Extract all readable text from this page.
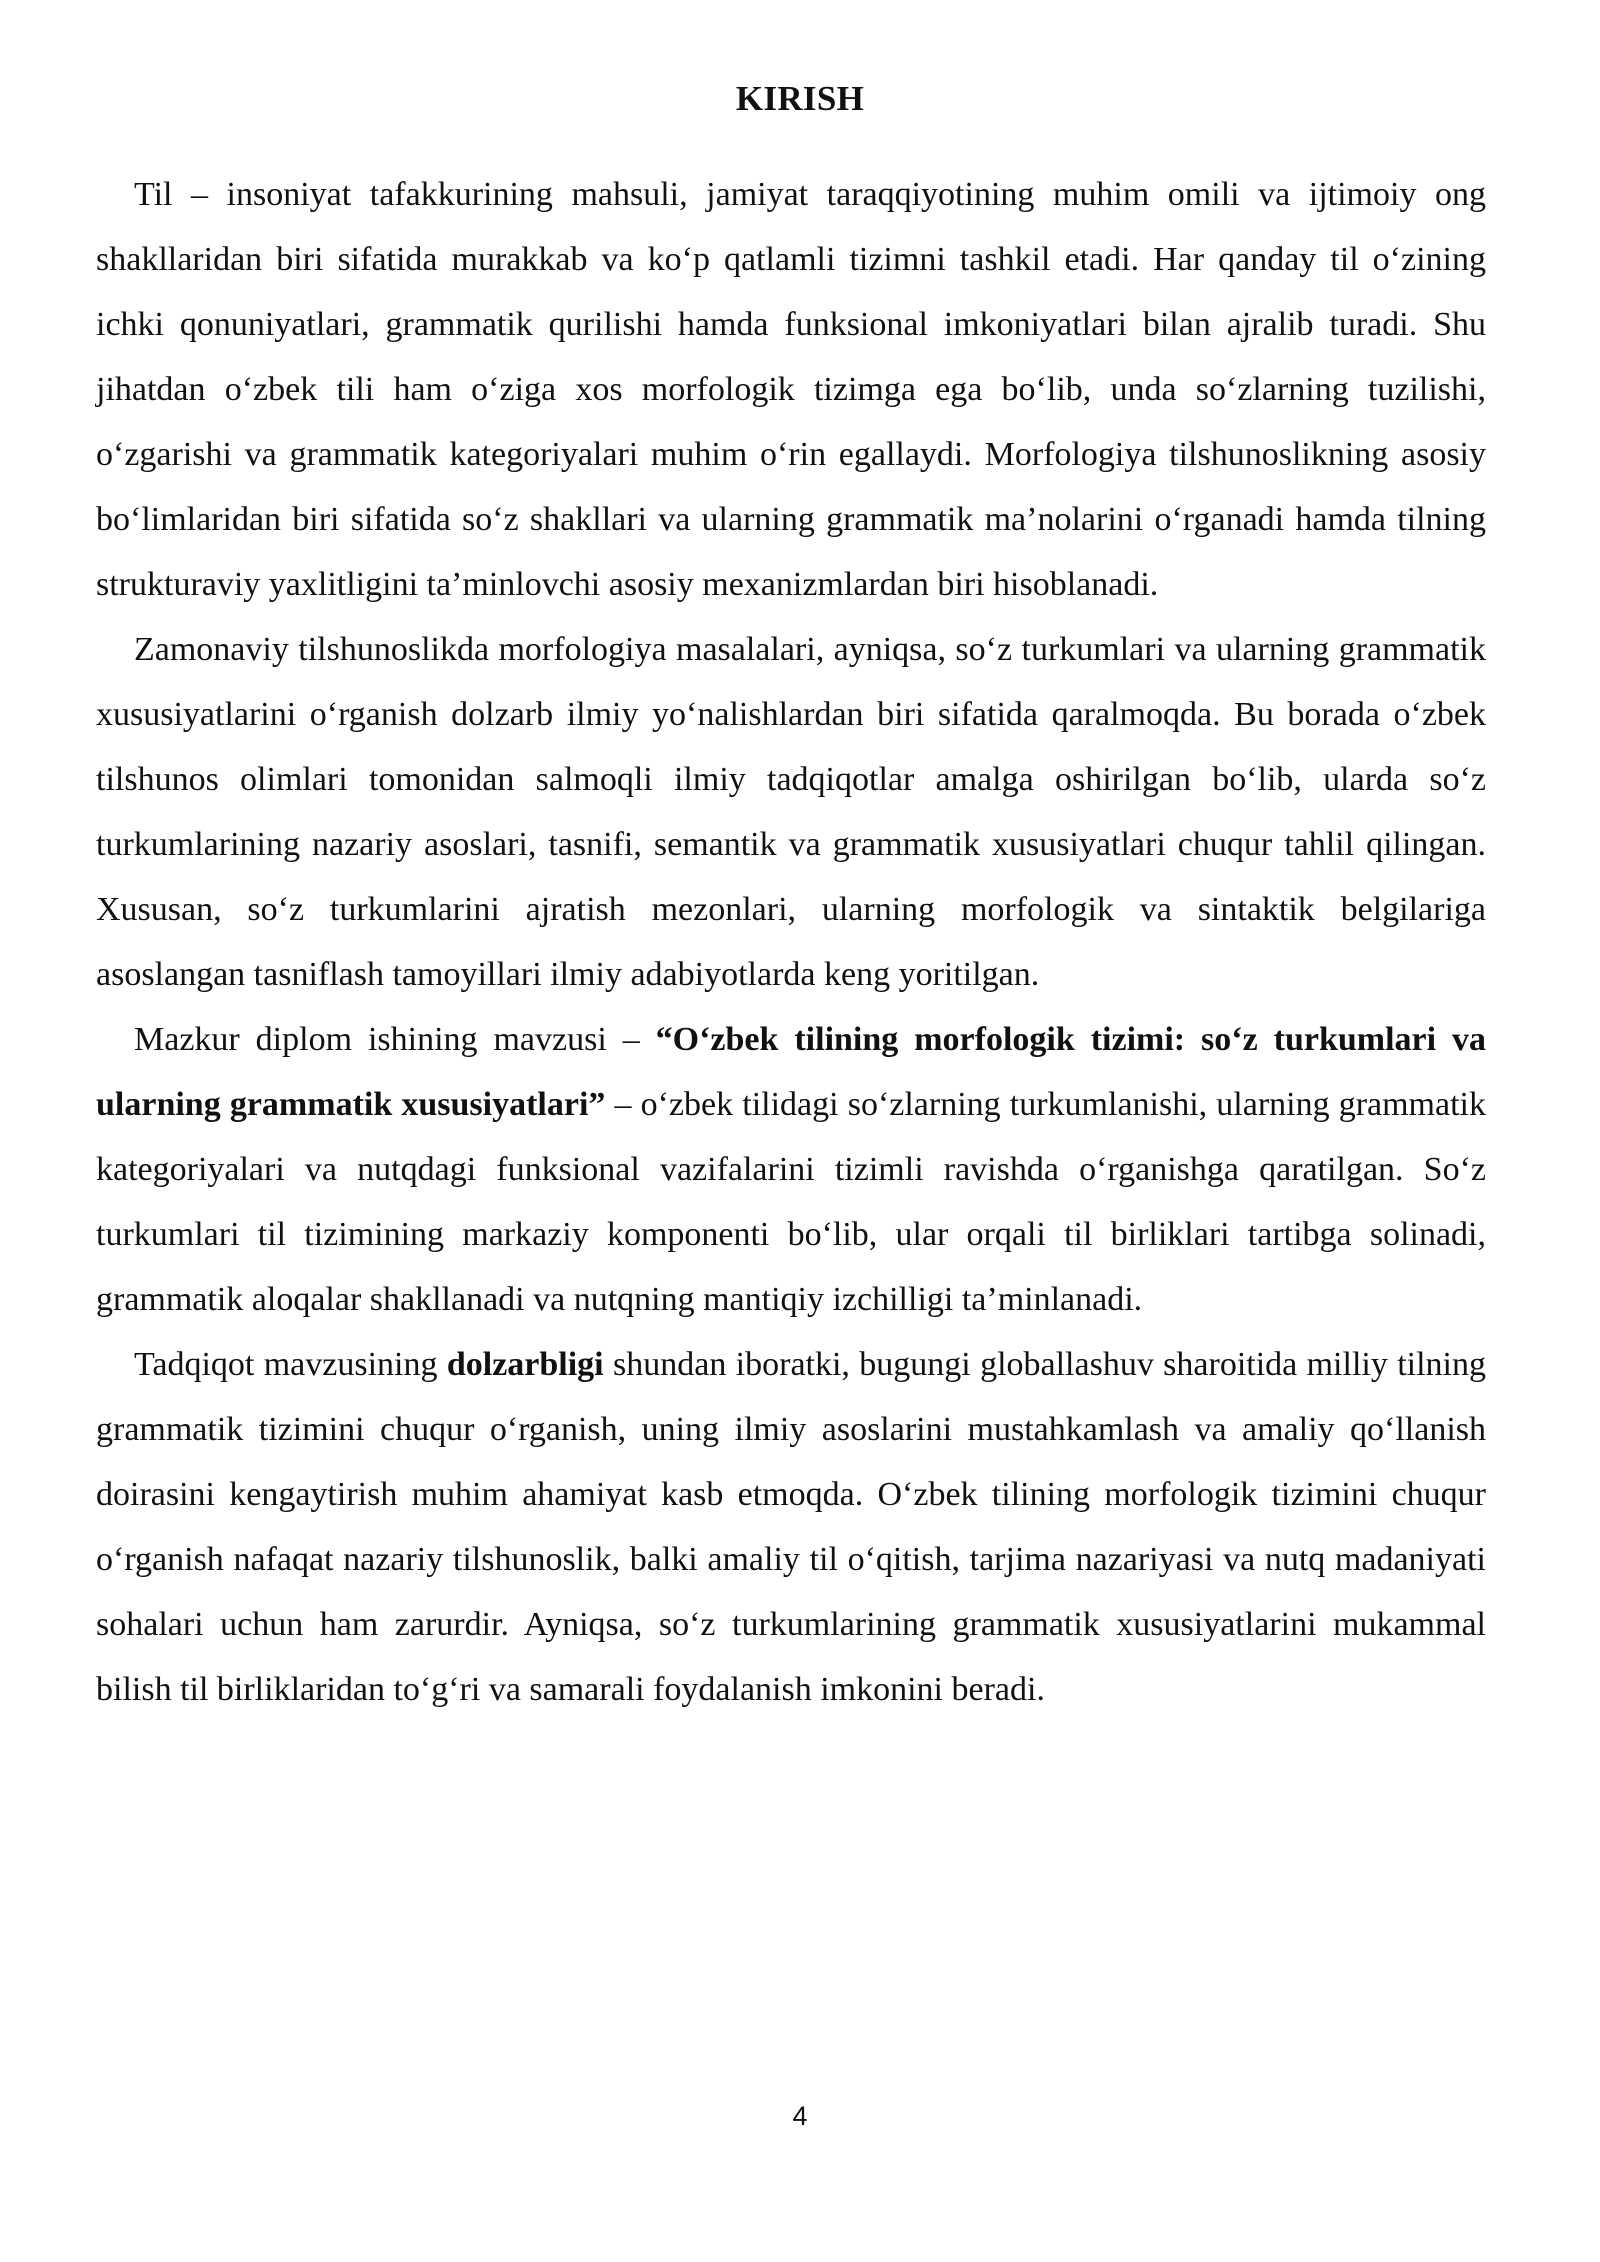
KIRISH

Til – insoniyat tafakkurining mahsuli, jamiyat taraqqiyotining muhim omili va ijtimoiy ong shakllaridan biri sifatida murakkab va ko‘p qatlamli tizimni tashkil etadi. Har qanday til o‘zining ichki qonuniyatlari, grammatik qurilishi hamda funksional imkoniyatlari bilan ajralib turadi. Shu jihatdan o‘zbek tili ham o‘ziga xos morfologik tizimga ega bo‘lib, unda so‘zlarning tuzilishi, o‘zgarishi va grammatik kategoriyalari muhim o‘rin egallaydi. Morfologiya tilshunoslikning asosiy bo‘limlaridan biri sifatida so‘z shakllari va ularning grammatik ma’nolarini o‘rganadi hamda tilning strukturaviy yaxlitligini ta’minlovchi asosiy mexanizmlardan biri hisoblanadi.

Zamonaviy tilshunoslikda morfologiya masalalari, ayniqsa, so‘z turkumlari va ularning grammatik xususiyatlarini o‘rganish dolzarb ilmiy yo‘nalishlardan biri sifatida qaralmoqda. Bu borada o‘zbek tilshunos olimlari tomonidan salmoqli ilmiy tadqiqotlar amalga oshirilgan bo‘lib, ularda so‘z turkumlarining nazariy asoslari, tasnifi, semantik va grammatik xususiyatlari chuqur tahlil qilingan. Xususan, so‘z turkumlarini ajratish mezonlari, ularning morfologik va sintaktik belgilariga asoslangan tasniflash tamoyillari ilmiy adabiyotlarda keng yoritilgan.

Mazkur diplom ishining mavzusi – “O‘zbek tilining morfologik tizimi: so‘z turkumlari va ularning grammatik xususiyatlari” – o‘zbek tilidagi so‘zlarning turkumlanishi, ularning grammatik kategoriyalari va nutqdagi funksional vazifalarini tizimli ravishda o‘rganishga qaratilgan. So‘z turkumlari til tizimining markaziy komponenti bo‘lib, ular orqali til birliklari tartibga solinadi, grammatik aloqalar shakllanadi va nutqning mantiqiy izchilligi ta’minlanadi.

Tadqiqot mavzusining dolzarbligi shundan iboratki, bugungi globallashuv sharoitida milliy tilning grammatik tizimini chuqur o‘rganish, uning ilmiy asoslarini mustahkamlash va amaliy qo‘llanish doirasini kengaytirish muhim ahamiyat kasb etmoqda. O‘zbek tilining morfologik tizimini chuqur o‘rganish nafaqat nazariy tilshunoslik, balki amaliy til o‘qitish, tarjima nazariyasi va nutq madaniyati sohalari uchun ham zarurdir. Ayniqsa, so‘z turkumlarining grammatik xususiyatlarini mukammal bilish til birliklaridan to‘g‘ri va samarali foydalanish imkonini beradi.

4
